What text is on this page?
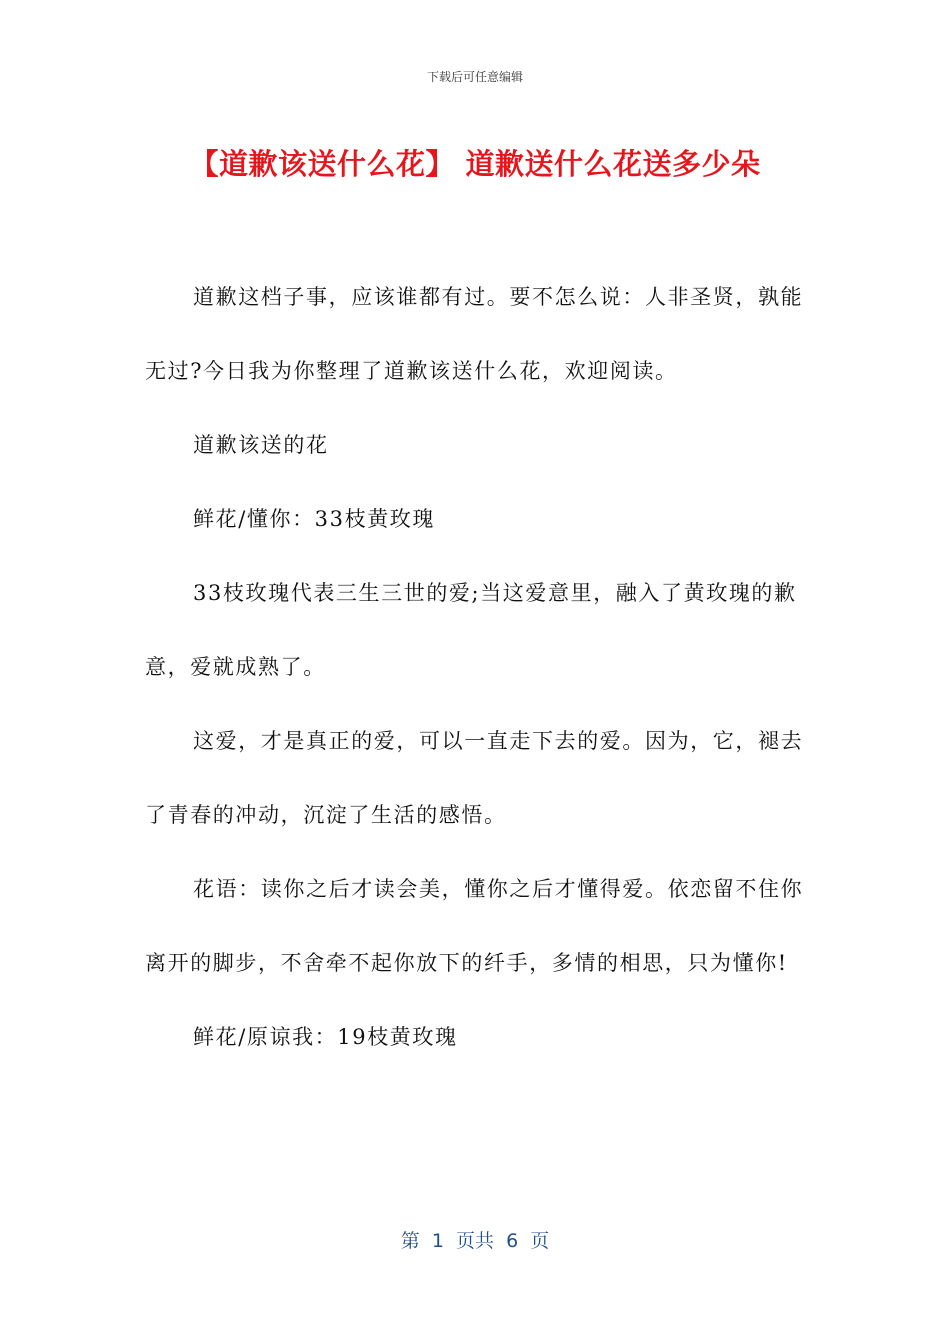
下载后可任意编辑
【道歉该送什么花】 道歉送什么花送多少朵

道歉这档子事，应该谁都有过。要不怎么说：人非圣贤，孰能无过?今日我为你整理了道歉该送什么花，欢迎阅读。

道歉该送的花

鲜花/懂你：33枝黄玫瑰

33枝玫瑰代表三生三世的爱;当这爱意里，融入了黄玫瑰的歉意，爱就成熟了。

这爱，才是真正的爱，可以一直走下去的爱。因为，它，褪去了青春的冲动，沉淀了生活的感悟。

花语：读你之后才读会美，懂你之后才懂得爱。依恋留不住你离开的脚步，不舍牵不起你放下的纤手，多情的相思，只为懂你!

鲜花/原谅我：19枝黄玫瑰

第  1  页共  6  页
